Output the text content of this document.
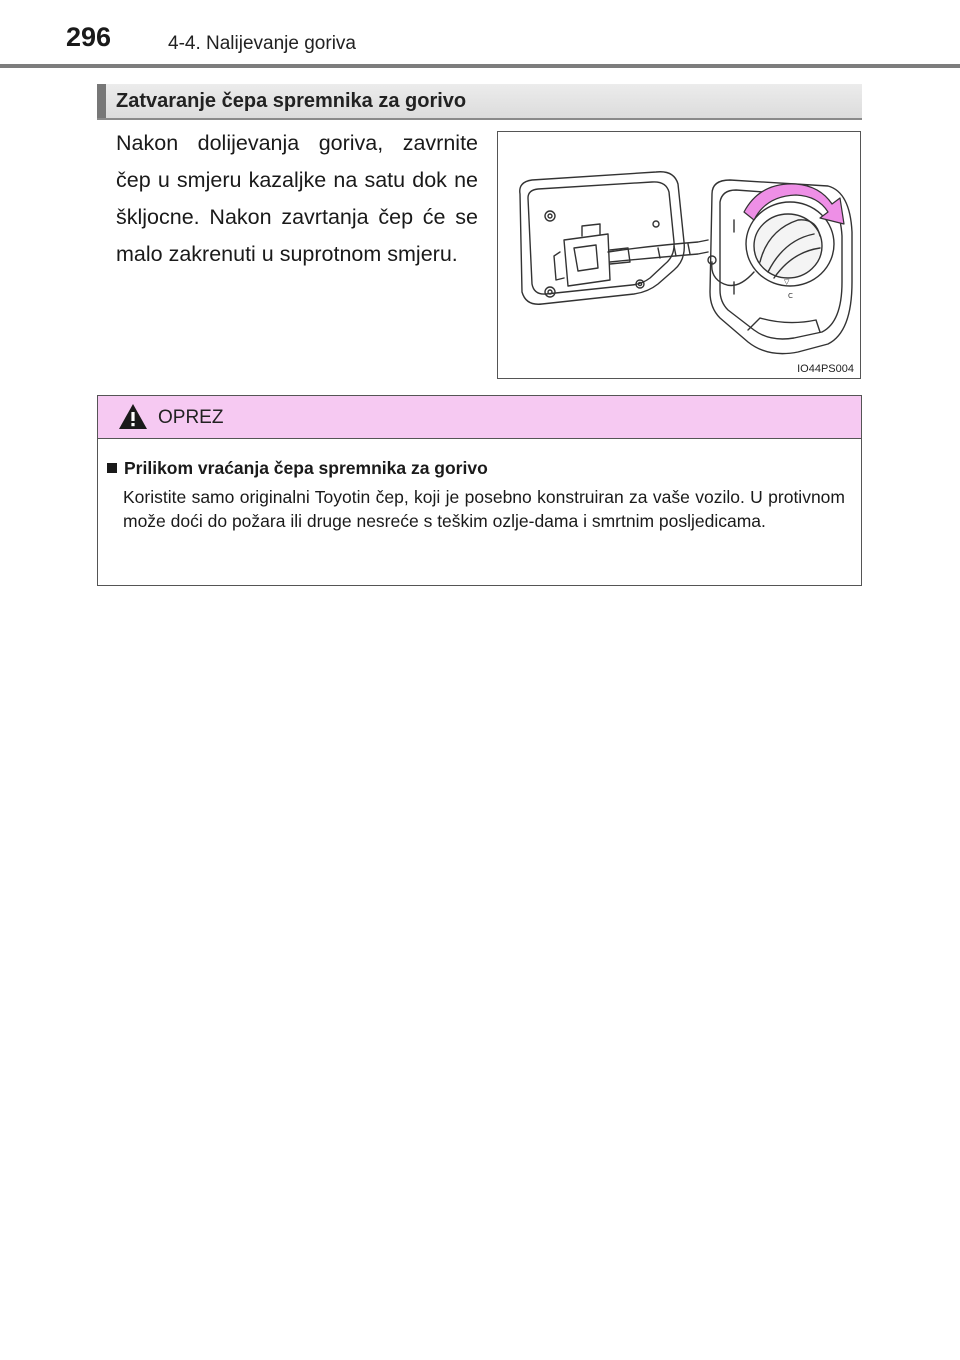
296	4-4. Nalijevanje goriva
Zatvaranje čepa spremnika za gorivo
Nakon dolijevanja goriva, zavrnite čep u smjeru kazaljke na satu dok ne škljocne. Nakon zavrtanja čep će se malo zakrenuti u suprotnom smjeru.
▽
C
IO44PS004
OPREZ
Prilikom vraćanja čepa spremnika za gorivo
Koristite samo originalni Toyotin čep, koji je posebno konstruiran za vaše vozilo. U protivnom može doći do požara ili druge nesreće s teškim ozlje-dama i smrtnim posljedicama.
